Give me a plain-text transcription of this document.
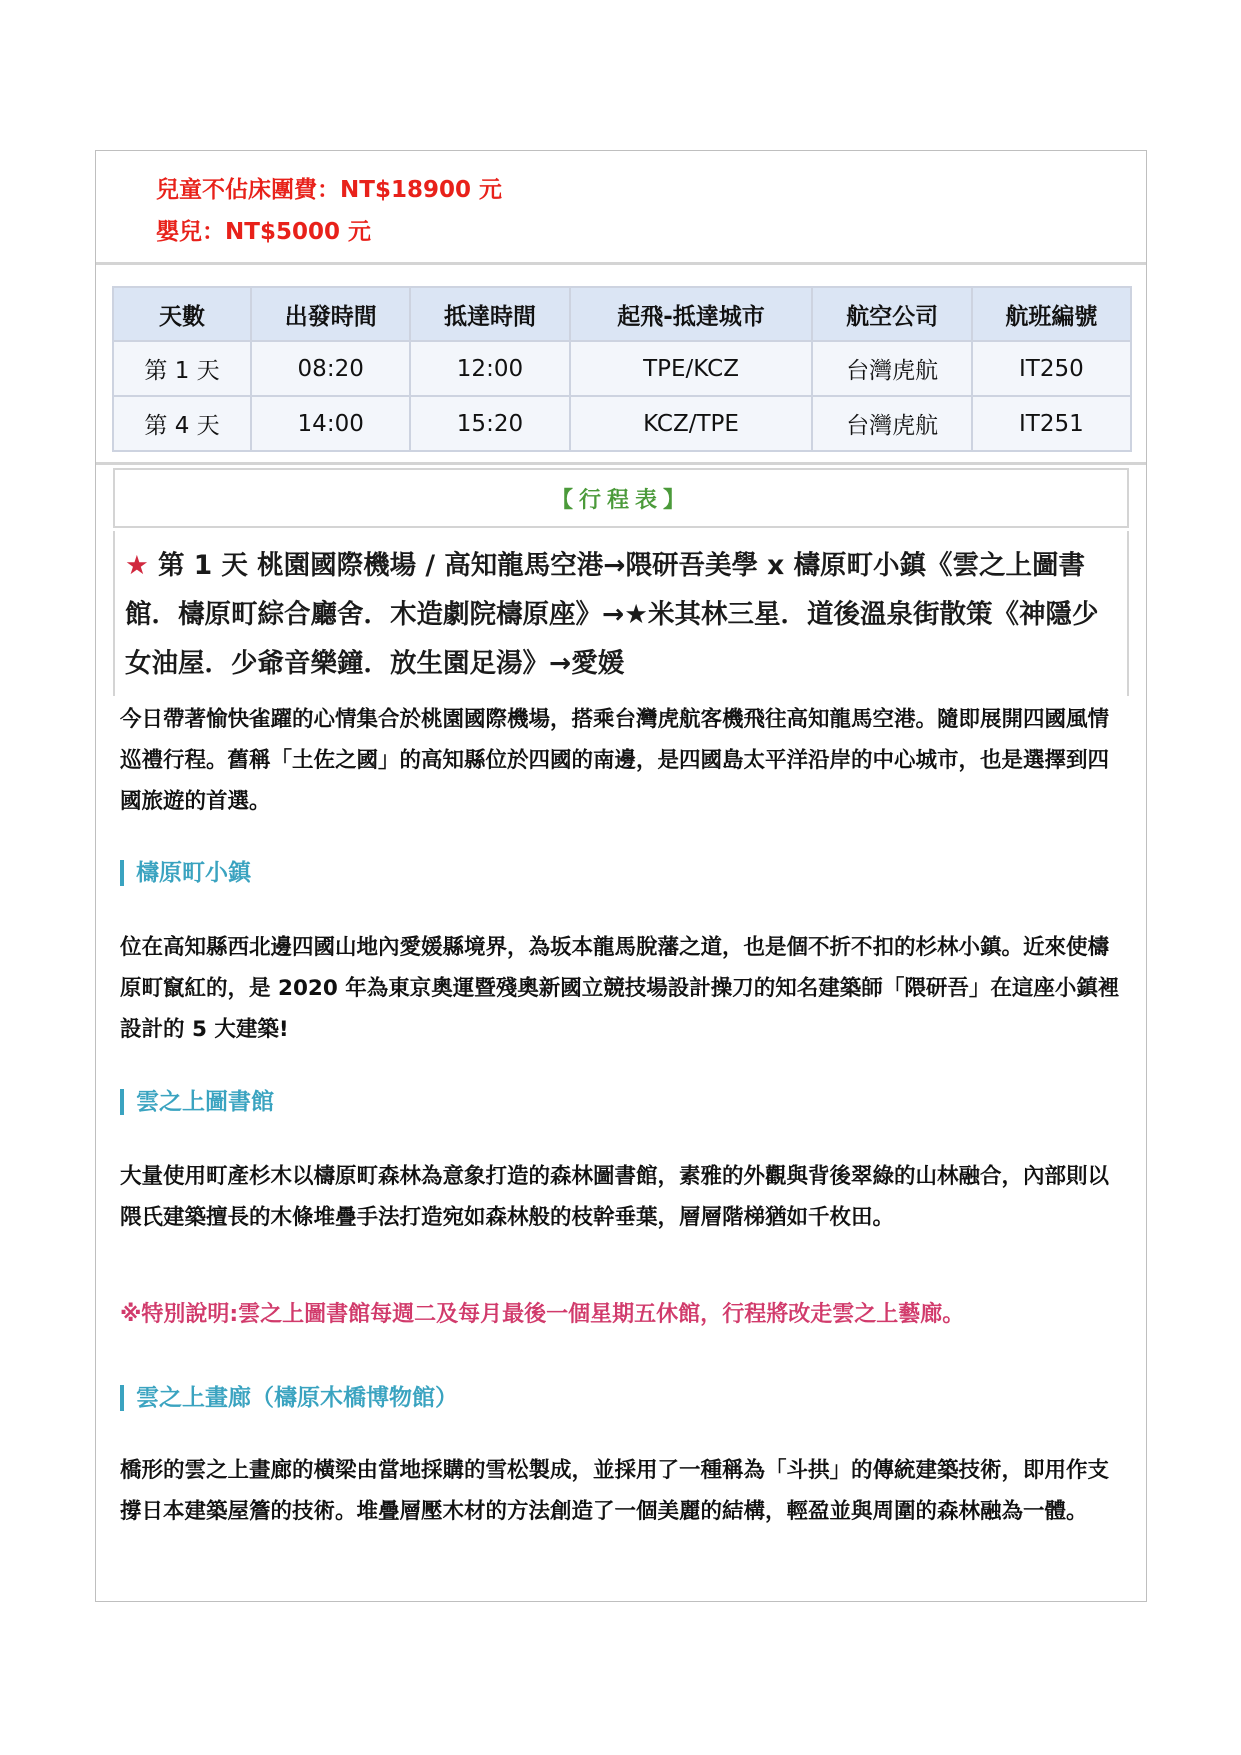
兒童不佔床團費：NT$18900 元
嬰兒：NT$5000 元
天數	出發時間	抵達時間	起飛-抵達城市	航空公司	航班編號
第 1 天	08:20	12:00	TPE/KCZ	台灣虎航	IT250
第 4 天	14:00	15:20	KCZ/TPE	台灣虎航	IT251
【行程表】

★ 第 1 天 桃園國際機場 / 高知龍馬空港→隈研吾美學 x 檮原町小鎮《雲之上圖書館．檮原町綜合廳舍．木造劇院檮原座》→★米其林三星．道後溫泉街散策《神隱少女油屋．少爺音樂鐘．放生園足湯》→愛媛

今日帶著愉快雀躍的心情集合於桃園國際機場，搭乘台灣虎航客機飛往高知龍馬空港。隨即展開四國風情巡禮行程。舊稱「土佐之國」的高知縣位於四國的南邊，是四國島太平洋沿岸的中心城市，也是選擇到四國旅遊的首選。

檮原町小鎮

位在高知縣西北邊四國山地內愛媛縣境界，為坂本龍馬脫藩之道，也是個不折不扣的杉林小鎮。近來使檮原町竄紅的，是 2020 年為東京奧運暨殘奧新國立競技場設計操刀的知名建築師「隈研吾」在這座小鎮裡設計的 5 大建築!

雲之上圖書館

大量使用町產杉木以檮原町森林為意象打造的森林圖書館，素雅的外觀與背後翠綠的山林融合，內部則以隈氏建築擅長的木條堆疊手法打造宛如森林般的枝幹垂葉，層層階梯猶如千枚田。

※特別說明:雲之上圖書館每週二及每月最後一個星期五休館，行程將改走雲之上藝廊。

雲之上畫廊（檮原木橋博物館）

橋形的雲之上畫廊的橫梁由當地採購的雪松製成，並採用了一種稱為「斗拱」的傳統建築技術，即用作支撐日本建築屋簷的技術。堆疊層壓木材的方法創造了一個美麗的結構，輕盈並與周圍的森林融為一體。
